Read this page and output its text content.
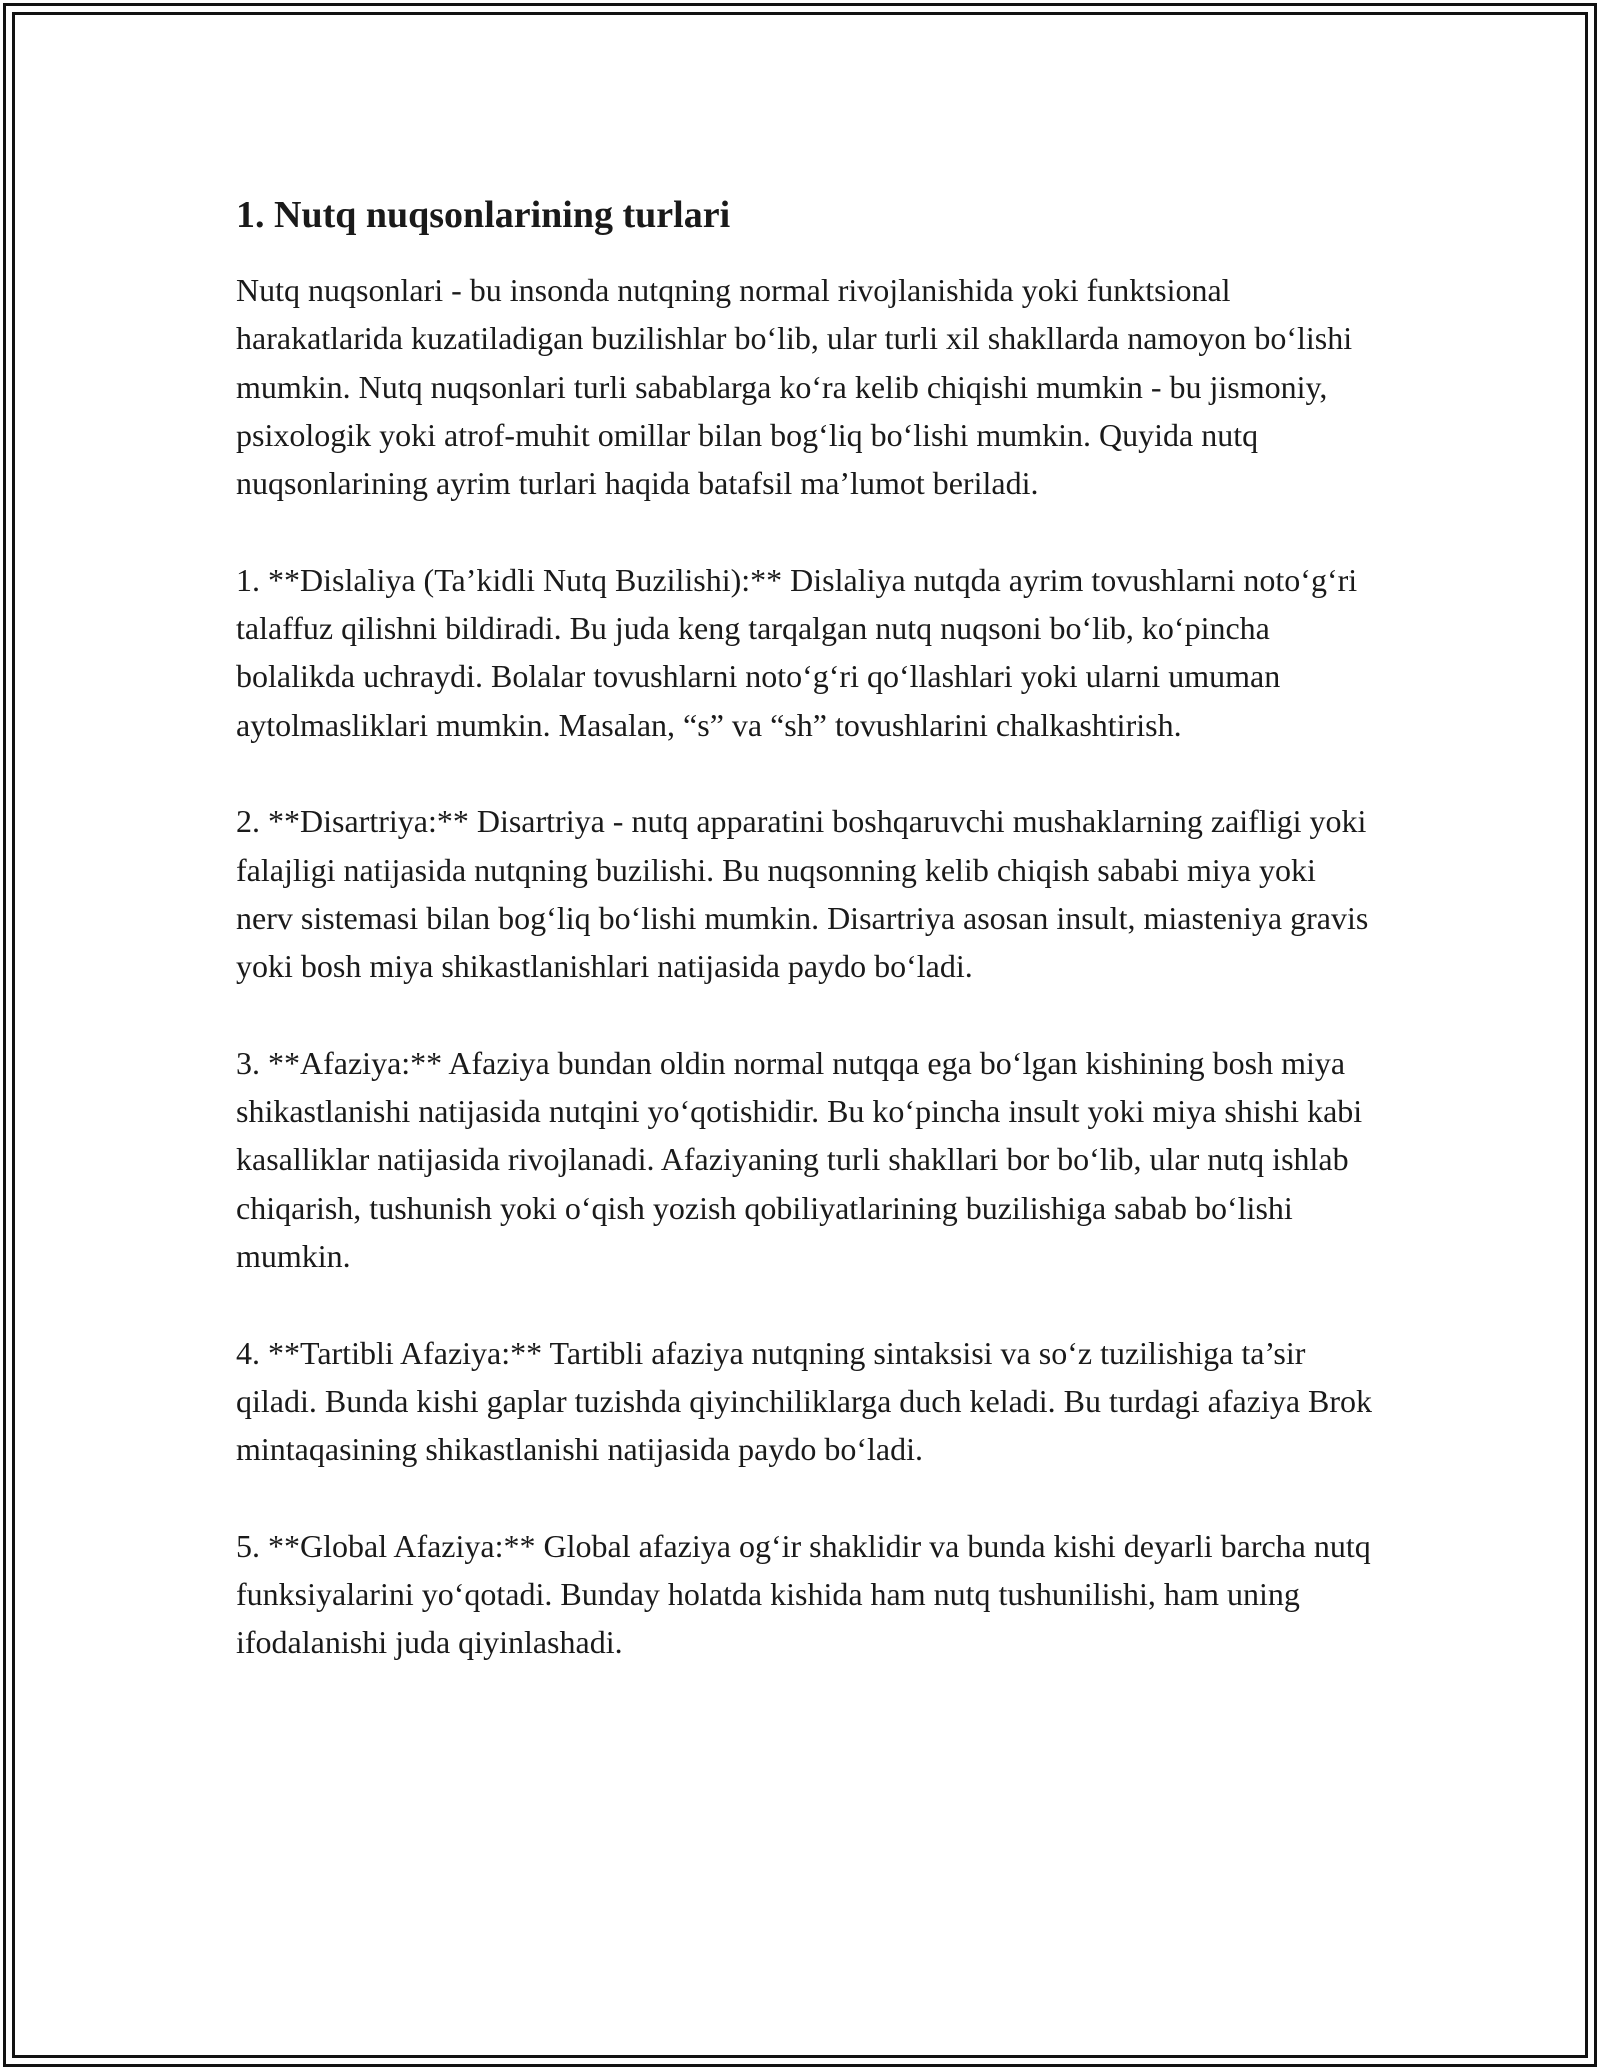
1. Nutq nuqsonlarining turlari

Nutq nuqsonlari - bu insonda nutqning normal rivojlanishida yoki funktsional harakatlarida kuzatiladigan buzilishlar bo‘lib, ular turli xil shakllarda namoyon bo‘lishi mumkin. Nutq nuqsonlari turli sabablarga ko‘ra kelib chiqishi mumkin - bu jismoniy, psixologik yoki atrof-muhit omillar bilan bog‘liq bo‘lishi mumkin. Quyida nutq nuqsonlarining ayrim turlari haqida batafsil ma’lumot beriladi.

1. **Dislaliya (Ta’kidli Nutq Buzilishi):** Dislaliya nutqda ayrim tovushlarni noto‘g‘ri talaffuz qilishni bildiradi. Bu juda keng tarqalgan nutq nuqsoni bo‘lib, ko‘pincha bolalikda uchraydi. Bolalar tovushlarni noto‘g‘ri qo‘llashlari yoki ularni umuman aytolmasliklari mumkin. Masalan, “s” va “sh” tovushlarini chalkashtirish.

2. **Disartriya:** Disartriya - nutq apparatini boshqaruvchi mushaklarning zaifligi yoki falajligi natijasida nutqning buzilishi. Bu nuqsonning kelib chiqish sababi miya yoki nerv sistemasi bilan bog‘liq bo‘lishi mumkin. Disartriya asosan insult, miasteniya gravis yoki bosh miya shikastlanishlari natijasida paydo bo‘ladi.

3. **Afaziya:** Afaziya bundan oldin normal nutqqa ega bo‘lgan kishining bosh miya shikastlanishi natijasida nutqini yo‘qotishidir. Bu ko‘pincha insult yoki miya shishi kabi kasalliklar natijasida rivojlanadi. Afaziyaning turli shakllari bor bo‘lib, ular nutq ishlab chiqarish, tushunish yoki o‘qish yozish qobiliyatlarining buzilishiga sabab bo‘lishi mumkin.

4. **Tartibli Afaziya:** Tartibli afaziya nutqning sintaksisi va so‘z tuzilishiga ta’sir qiladi. Bunda kishi gaplar tuzishda qiyinchiliklarga duch keladi. Bu turdagi afaziya Brok mintaqasining shikastlanishi natijasida paydo bo‘ladi.

5. **Global Afaziya:** Global afaziya og‘ir shaklidir va bunda kishi deyarli barcha nutq funksiyalarini yo‘qotadi. Bunday holatda kishida ham nutq tushunilishi, ham uning ifodalanishi juda qiyinlashadi.
